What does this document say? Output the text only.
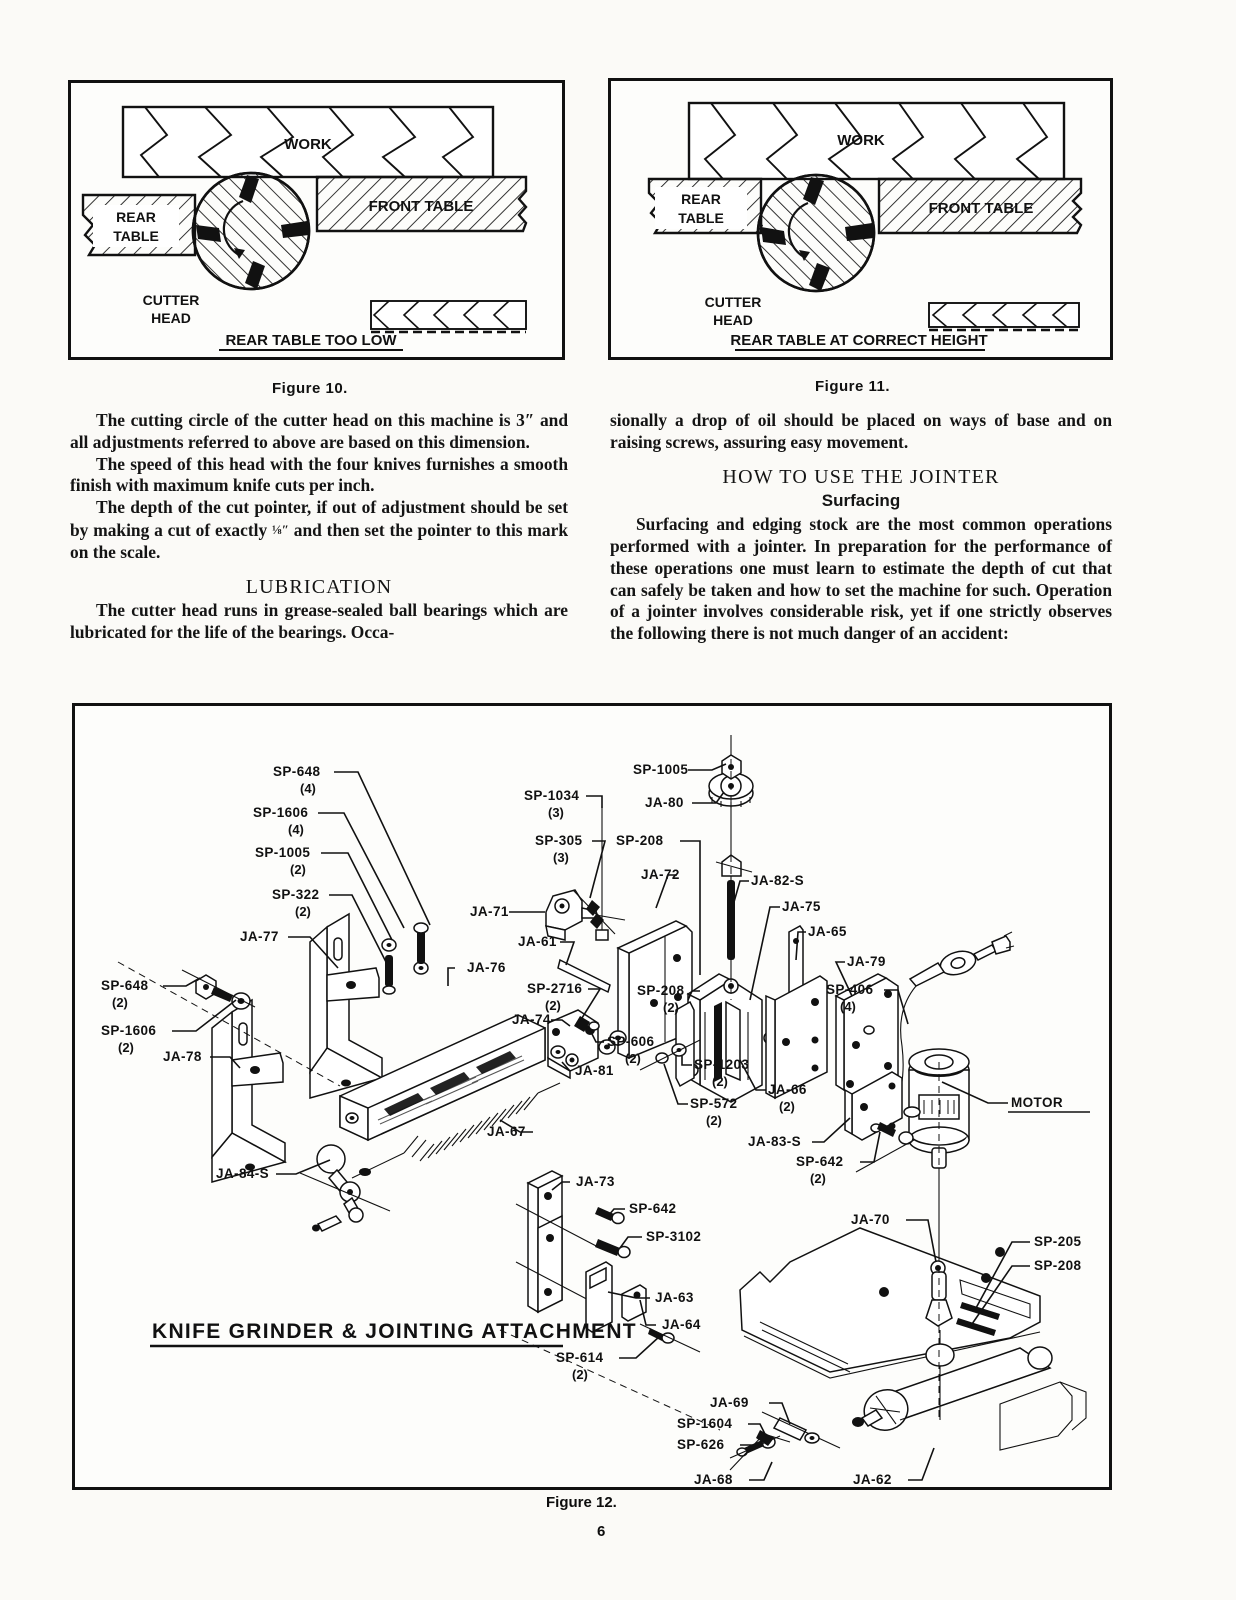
WORK
FRONT TABLE
REAR
TABLE
CUTTER
HEAD
REAR TABLE TOO LOW
Figure 10.
WORK
FRONT TABLE
REAR
TABLE
CUTTER
HEAD
REAR TABLE AT CORRECT HEIGHT
Figure 11.

The cutting circle of the cutter head on this machine is 3″ and all adjustments referred to above are based on this dimension.

The speed of this head with the four knives furnishes a smooth finish with maximum knife cuts per inch.

The depth of the cut pointer, if out of adjustment should be set by making a cut of exactly ⅛″ and then set the pointer to this mark on the scale.

LUBRICATION

The cutter head runs in grease-sealed ball bearings which are lubricated for the life of the bearings. Occa-

sionally a drop of oil should be placed on ways of base and on raising screws, assuring easy movement.

HOW TO USE THE JOINTER

Surfacing

Surfacing and edging stock are the most common operations performed with a jointer. In preparation for the performance of these operations one must learn to estimate the depth of cut that can safely be taken and how to set the machine for such. Operation of a jointer involves considerable risk, yet if one strictly observes the following there is not much danger of an accident:

SP-648
(4)
SP-1606
(4)
SP-1005
(2)
SP-322
(2)
JA-77
SP-648
(2)
SP-1606
(2)
JA-78
JA-84-S
SP-1034
(3)
SP-305
(3)
JA-71
JA-61
JA-76
SP-2716
(2)
JA-74
JA-81
JA-67
SP-208
JA-72
SP-208
(2)
SP-606
(2)	SP-1203
(2)
SP-572
(2)
JA-66
(2)
JA-83-S
SP-642
(2)
SP-1005
JA-80
JA-82-S
JA-75
JA-65
JA-79
SP-406
(4)
MOTOR
JA-70
SP-205
SP-208
JA-73
SP-642
SP-3102
JA-63
JA-64
SP-614
(2)
JA-69
SP-1604
SP-626
JA-68	JA-62
KNIFE GRINDER & JOINTING ATTACHMENT
Figure 12.
6
